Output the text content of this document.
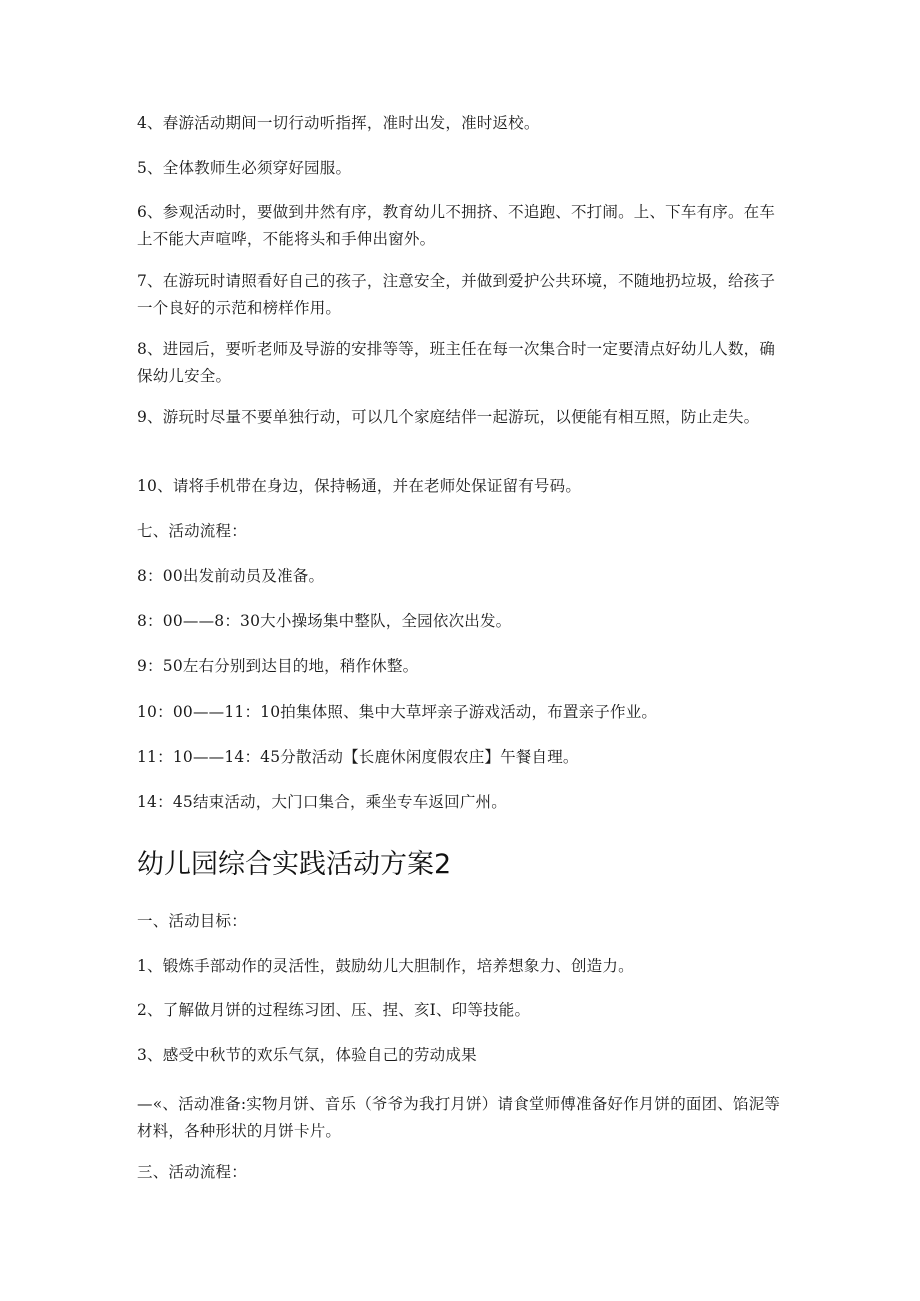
4、春游活动期间一切行动听指挥，准时出发，准时返校。

5、全体教师生必须穿好园服。

6、参观活动时，要做到井然有序，教育幼儿不拥挤、不追跑、不打闹。上、下车有序。在车上不能大声喧哗，不能将头和手伸出窗外。

7、在游玩时请照看好自己的孩子，注意安全，并做到爱护公共环境，不随地扔垃圾，给孩子一个良好的示范和榜样作用。

8、进园后，要听老师及导游的安排等等，班主任在每一次集合时一定要清点好幼儿人数，确保幼儿安全。

9、游玩时尽量不要单独行动，可以几个家庭结伴一起游玩，以便能有相互照，防止走失。

10、请将手机带在身边，保持畅通，并在老师处保证留有号码。

七、活动流程：

8：00出发前动员及准备。

8：00——8：30大小操场集中整队，全园依次出发。

9：50左右分别到达目的地，稍作休整。

10：00——11：10拍集体照、集中大草坪亲子游戏活动，布置亲子作业。

11：10——14：45分散活动【长鹿休闲度假农庄】午餐自理。

14：45结束活动，大门口集合，乘坐专车返回广州。

幼儿园综合实践活动方案2

一、活动目标：

1、锻炼手部动作的灵活性，鼓励幼儿大胆制作，培养想象力、创造力。

2、了解做月饼的过程练习团、压、捏、亥I、印等技能。

3、感受中秋节的欢乐气氛，体验自己的劳动成果

—«、活动准备:实物月饼、音乐（爷爷为我打月饼）请食堂师傅准备好作月饼的面团、馅泥等材料，各种形状的月饼卡片。

三、活动流程：
